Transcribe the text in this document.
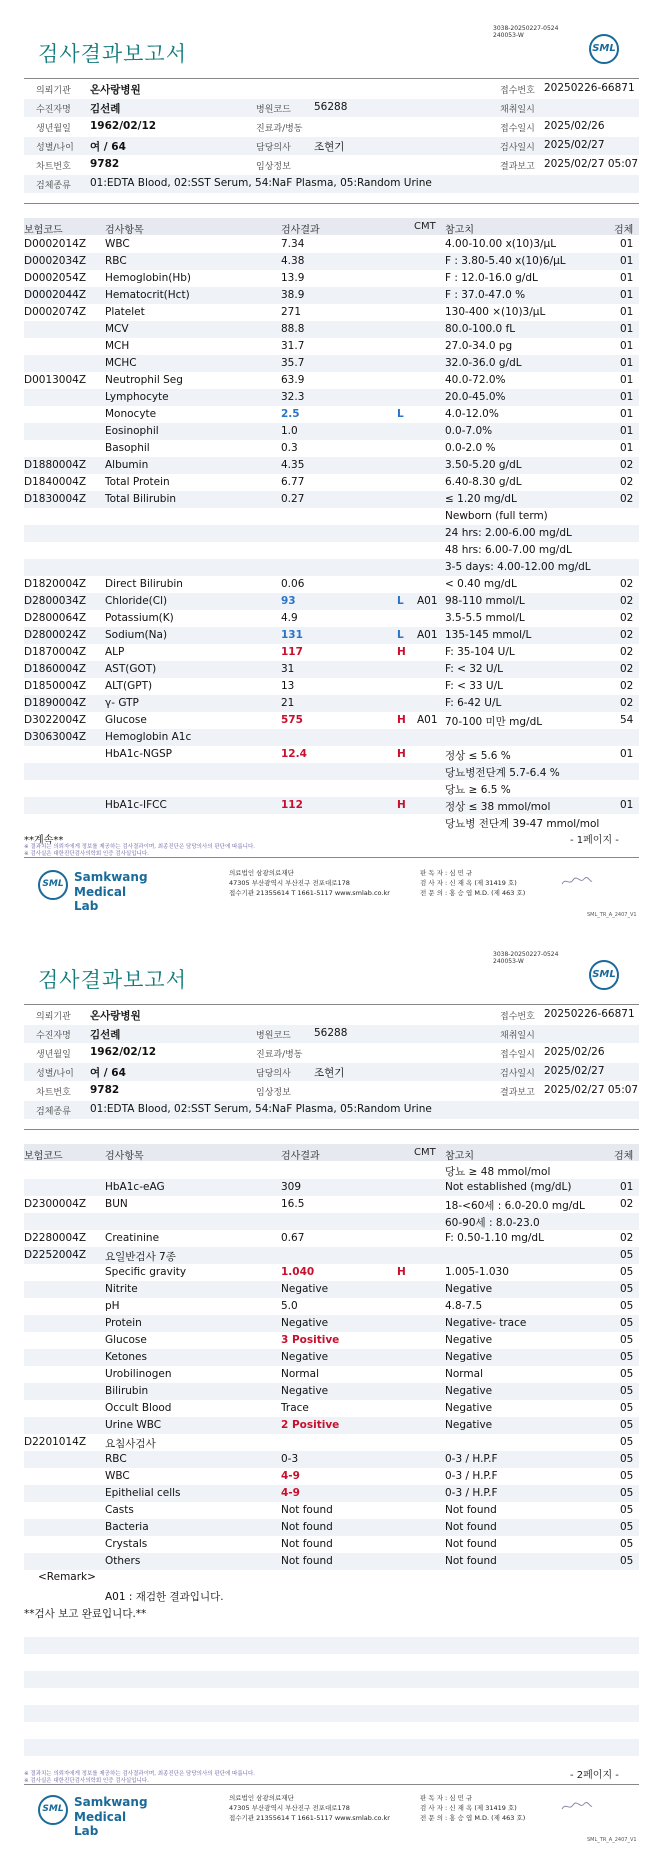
3038-20250227-0524
240053-W
검사결과보고서	SML
의뢰기관 온사랑병원	접수번호 20250226-66871
수진자명 김선례	병원코드 56288	채취일시
생년월일 1962/02/12	진료과/병동	접수일시 2025/02/26
성별/나이 여 / 64	담당의사 조현기	검사일시 2025/02/27
차트번호 9782	임상정보	결과보고 2025/02/27 05:07
검체종류 01:EDTA Blood, 02:SST Serum, 54:NaF Plasma, 05:Random Urine
보험코드	검사항목	검사결과	CMT 참고치	검체
D0002014Z WBC	7.34	4.00-10.00 x(10)3/μL	01
D0002034Z RBC	4.38	F : 3.80-5.40 x(10)6/μL	01
D0002054Z Hemoglobin(Hb)	13.9	F : 12.0-16.0 g/dL	01
D0002044Z Hematocrit(Hct)	38.9	F : 37.0-47.0 %	01
D0002074Z Platelet	271	130-400 ×(10)3/μL	01
MCV	88.8	80.0-100.0 fL	01
MCH	31.7	27.0-34.0 pg	01
MCHC	35.7	32.0-36.0 g/dL	01
D0013004Z Neutrophil Seg	63.9	40.0-72.0%	01
Lymphocyte	32.3	20.0-45.0%	01
Monocyte	2.5	L	4.0-12.0%	01
Eosinophil	1.0	0.0-7.0%	01
Basophil	0.3	0.0-2.0 %	01
D1880004Z Albumin	4.35	3.50-5.20 g/dL	02
D1840004Z Total Protein	6.77	6.40-8.30 g/dL	02
D1830004Z Total Bilirubin	0.27	≤ 1.20 mg/dL	02
Newborn (full term)
24 hrs: 2.00-6.00 mg/dL
48 hrs: 6.00-7.00 mg/dL
3-5 days: 4.00-12.00 mg/dL
D1820004Z Direct Bilirubin	0.06	< 0.40 mg/dL	02
D2800034Z Chloride(Cl)	93	L A01 98-110 mmol/L	02
D2800064Z Potassium(K)	4.9	3.5-5.5 mmol/L	02
D2800024Z Sodium(Na)	131	L A01 135-145 mmol/L	02
D1870004Z ALP	117	H	F: 35-104 U/L	02
D1860004Z AST(GOT)	31	F: < 32 U/L	02
D1850004Z ALT(GPT)	13	F: < 33 U/L	02
D1890004Z γ- GTP	21	F: 6-42 U/L	02
D3022004Z Glucose	575	H A01 70-100 미만 mg/dL	54
D3063004Z Hemoglobin A1c
HbA1c-NGSP	12.4	H	정상 ≤ 5.6 %	01
당뇨병전단계 5.7-6.4 %
당뇨 ≥ 6.5 %
HbA1c-IFCC	112	H	정상 ≤ 38 mmol/mol	01
당뇨병 전단계 39-47 mmol/mol
**계속**	- 1페이지 -
※ 결과치는 의뢰자에게 정보를 제공하는 검사결과이며, 최종진단은 담당의사의 판단에 따릅니다.
※ 검사실은 대한진단검사의학회 인증 검사실입니다.
SML Samkwang
Medical Lab
의료법인 삼광의료재단
47305 부산광역시 부산진구 전포대로178
접수기관 21355614 T 1661-5117 www.smlab.co.kr
판 독 자 : 심 민 규
검 사 자 : 신 재 옥 (제 31419 호)
전 문 의 : 홍 승 엽 M.D. (제 463 호)
SML_TR_A_2407_V1
3038-20250227-0524
240053-W
검사결과보고서	SML
의뢰기관 온사랑병원	접수번호 20250226-66871
수진자명 김선례	병원코드 56288	채취일시
생년월일 1962/02/12	진료과/병동	접수일시 2025/02/26
성별/나이 여 / 64	담당의사 조현기	검사일시 2025/02/27
차트번호 9782	임상정보	결과보고 2025/02/27 05:07
검체종류 01:EDTA Blood, 02:SST Serum, 54:NaF Plasma, 05:Random Urine
보험코드	검사항목	검사결과	CMT 참고치	검체
당뇨 ≥ 48 mmol/mol
HbA1c-eAG	309	Not established (mg/dL)	01
D2300004Z BUN	16.5	18-<60세 : 6.0-20.0 mg/dL	02
60-90세 : 8.0-23.0
D2280004Z Creatinine	0.67	F: 0.50-1.10 mg/dL	02
D2252004Z 요일반검사 7종	05
Specific gravity	1.040	H	1.005-1.030	05
Nitrite	Negative	Negative	05
pH	5.0	4.8-7.5	05
Protein	Negative	Negative- trace	05
Glucose	3 Positive	Negative	05
Ketones	Negative	Negative	05
Urobilinogen	Normal	Normal	05
Bilirubin	Negative	Negative	05
Occult Blood	Trace	Negative	05
Urine WBC	2 Positive	Negative	05
D2201014Z 요침사검사	05
RBC	0-3	0-3 / H.P.F	05
WBC	4-9	0-3 / H.P.F	05
Epithelial cells	4-9	0-3 / H.P.F	05
Casts	Not found	Not found	05
Bacteria	Not found	Not found	05
Crystals	Not found	Not found	05
Others	Not found	Not found	05
<Remark>
A01 : 재검한 결과입니다.
**검사 보고 완료입니다.**
- 2페이지 -
※ 결과치는 의뢰자에게 정보를 제공하는 검사결과이며, 최종진단은 담당의사의 판단에 따릅니다.
※ 검사실은 대한진단검사의학회 인증 검사실입니다.
SML Samkwang
Medical Lab
의료법인 삼광의료재단
47305 부산광역시 부산진구 전포대로178
접수기관 21355614 T 1661-5117 www.smlab.co.kr
판 독 자 : 심 민 규
검 사 자 : 신 재 옥 (제 31419 호)
전 문 의 : 홍 승 엽 M.D. (제 463 호)
SML_TR_A_2407_V1
